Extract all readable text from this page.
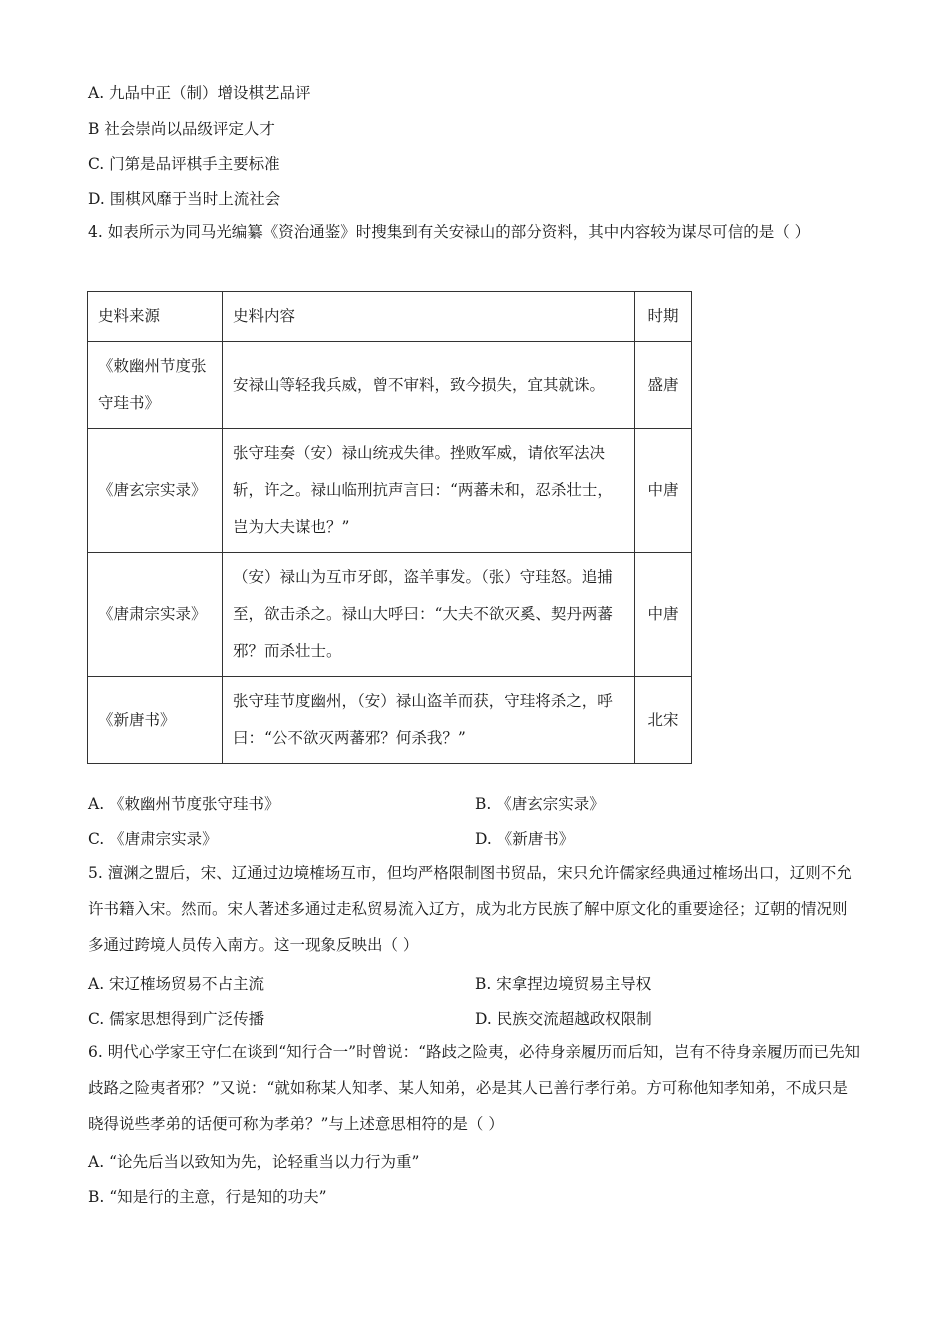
A. 九品中正（制）增设棋艺品评
B 社会崇尚以品级评定人才
C. 门第是品评棋手主要标准
D. 围棋风靡于当时上流社会
4. 如表所示为同马光编纂《资治通鉴》时搜集到有关安禄山的部分资料，其中内容较为谋尽可信的是（ ）
史料来源	史料内容	时期
《敕幽州节度张守珪书》	安禄山等轻我兵威，曾不审料，致今损失，宜其就诛。	盛唐
《唐玄宗实录》	张守珪奏（安）禄山统戎失律。挫败军威，请依军法决斩，许之。禄山临刑抗声言曰：“两蕃未和，忍杀壮士，岂为大夫谋也？”	中唐
《唐肃宗实录》	（安）禄山为互市牙郎，盗羊事发。（张）守珪怒。追捕至，欲击杀之。禄山大呼曰：“大夫不欲灭奚、契丹两蕃邪？而杀壮士。	中唐
《新唐书》	张守珪节度幽州，（安）禄山盗羊而获，守珪将杀之，呼曰：“公不欲灭两蕃邪？何杀我？”	北宋
A. 《敕幽州节度张守珪书》	B. 《唐玄宗实录》
C. 《唐肃宗实录》	D. 《新唐书》
5. 澶渊之盟后，宋、辽通过边境榷场互市，但均严格限制图书贸品，宋只允许儒家经典通过榷场出口，辽则不允许书籍入宋。然而。宋人著述多通过走私贸易流入辽方，成为北方民族了解中原文化的重要途径；辽朝的情况则多通过跨境人员传入南方。这一现象反映出（ ）
A. 宋辽榷场贸易不占主流	B. 宋拿捏边境贸易主导权
C. 儒家思想得到广泛传播	D. 民族交流超越政权限制
6. 明代心学家王守仁在谈到“知行合一”时曾说：“路歧之险夷，必待身亲履历而后知，岂有不待身亲履历而已先知歧路之险夷者邪？”又说：“就如称某人知孝、某人知弟，必是其人已善行孝行弟。方可称他知孝知弟，不成只是晓得说些孝弟的话便可称为孝弟？”与上述意思相符的是（ ）
A. “论先后当以致知为先，论轻重当以力行为重”
B. “知是行的主意，行是知的功夫”
